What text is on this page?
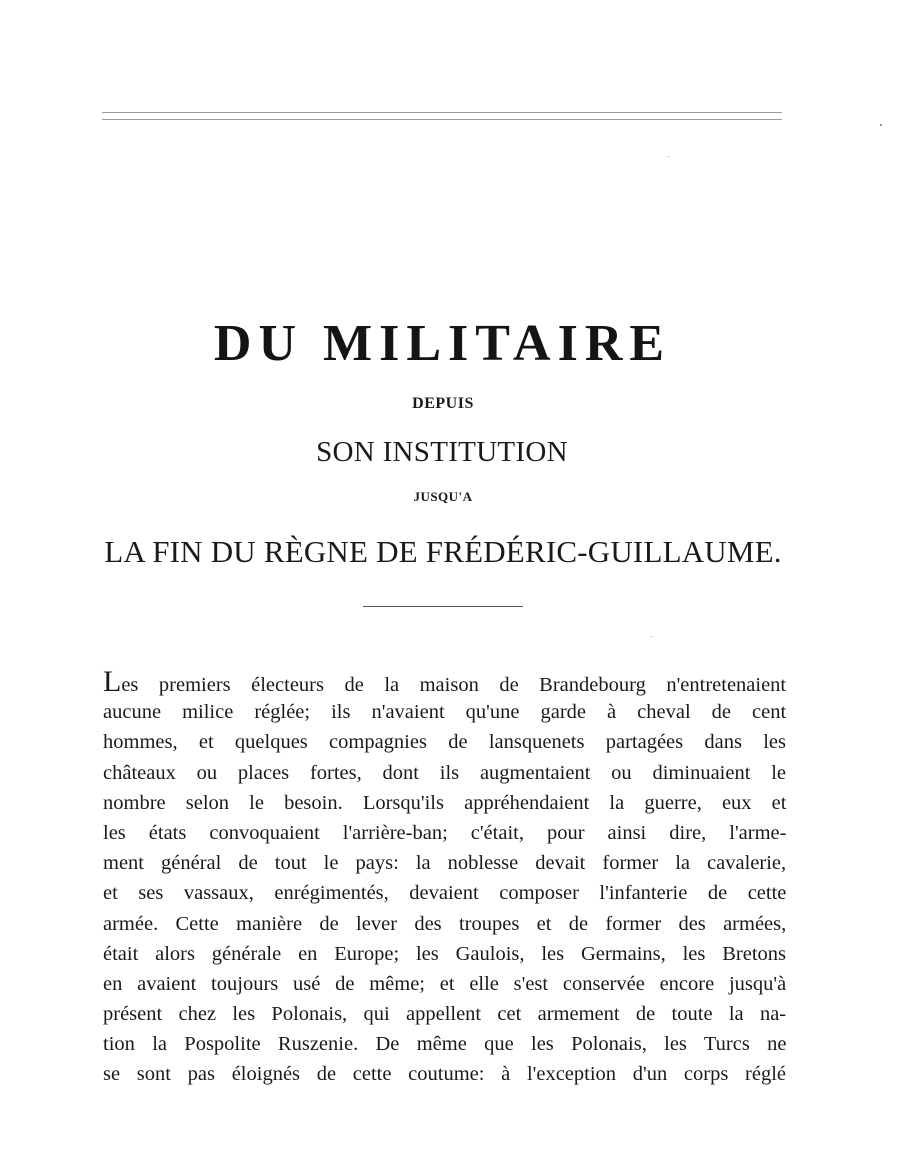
DU MILITAIRE
DEPUIS
SON INSTITUTION
JUSQU'A
LA FIN DU RÈGNE DE FRÉDÉRIC-GUILLAUME.
Les premiers électeurs de la maison de Brandebourg n'entretenaient
aucune milice réglée; ils n'avaient qu'une garde à cheval de cent
hommes, et quelques compagnies de lansquenets partagées dans les
châteaux ou places fortes, dont ils augmentaient ou diminuaient le
nombre selon le besoin. Lorsqu'ils appréhendaient la guerre, eux et
les états convoquaient l'arrière-ban; c'était, pour ainsi dire, l'arme-
ment général de tout le pays: la noblesse devait former la cavalerie,
et ses vassaux, enrégimentés, devaient composer l'infanterie de cette
armée. Cette manière de lever des troupes et de former des armées,
était alors générale en Europe; les Gaulois, les Germains, les Bretons
en avaient toujours usé de même; et elle s'est conservée encore jusqu'à
présent chez les Polonais, qui appellent cet armement de toute la na-
tion la Pospolite Ruszenie. De même que les Polonais, les Turcs ne
se sont pas éloignés de cette coutume: à l'exception d'un corps réglé
